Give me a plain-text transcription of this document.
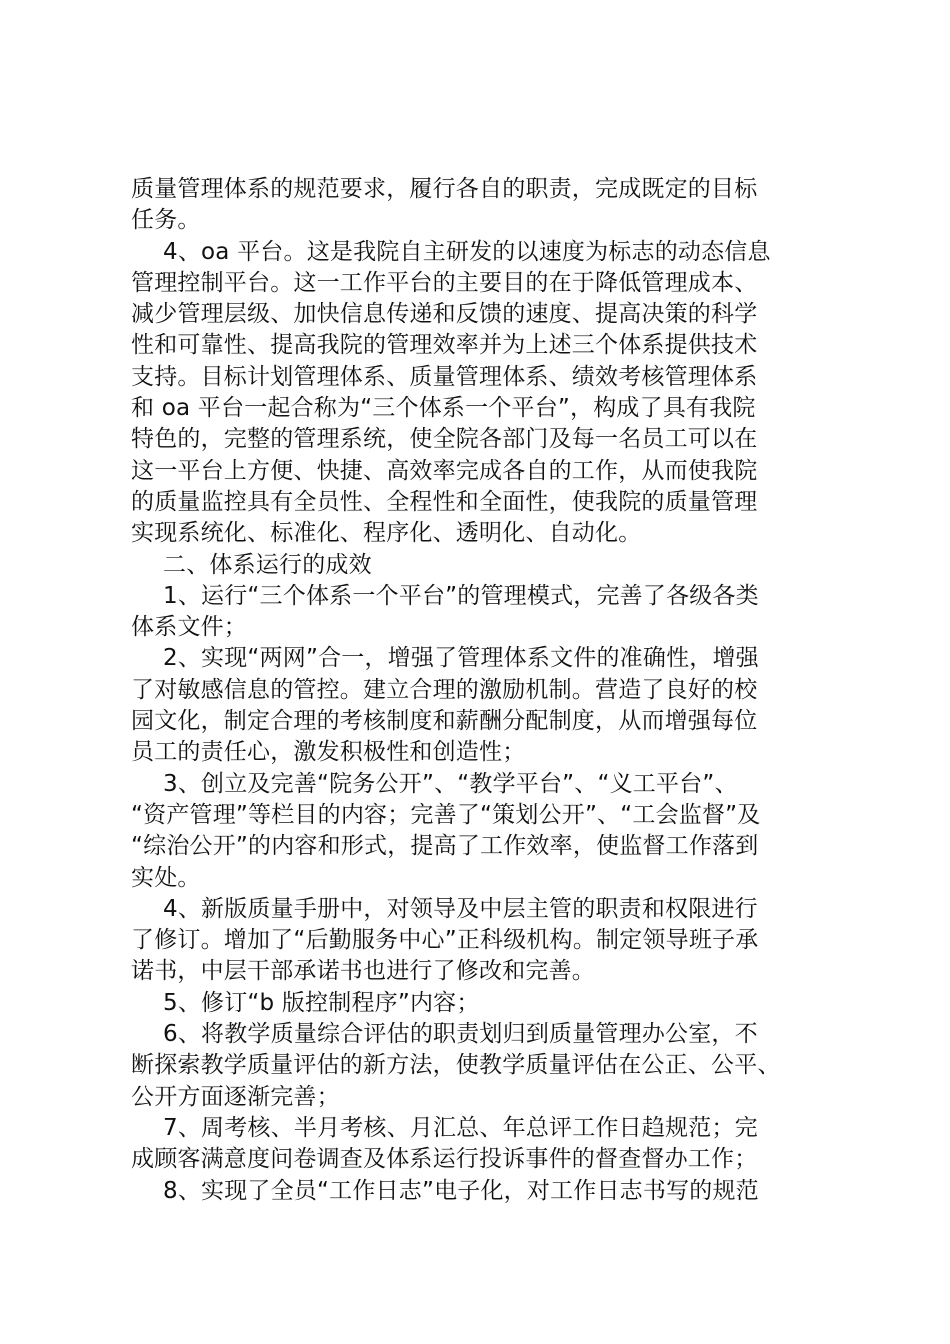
质量管理体系的规范要求，履行各自的职责，完成既定的目标
任务。
4、oa 平台。这是我院自主研发的以速度为标志的动态信息
管理控制平台。这一工作平台的主要目的在于降低管理成本、
减少管理层级、加快信息传递和反馈的速度、提高决策的科学
性和可靠性、提高我院的管理效率并为上述三个体系提供技术
支持。目标计划管理体系、质量管理体系、绩效考核管理体系
和 oa 平台一起合称为“三个体系一个平台”，构成了具有我院
特色的，完整的管理系统，使全院各部门及每一名员工可以在
这一平台上方便、快捷、高效率完成各自的工作，从而使我院
的质量监控具有全员性、全程性和全面性，使我院的质量管理
实现系统化、标准化、程序化、透明化、自动化。
二、体系运行的成效
1、运行“三个体系一个平台”的管理模式，完善了各级各类
体系文件；
2、实现“两网”合一，增强了管理体系文件的准确性，增强
了对敏感信息的管控。建立合理的激励机制。营造了良好的校
园文化，制定合理的考核制度和薪酬分配制度，从而增强每位
员工的责任心，激发积极性和创造性；
3、创立及完善“院务公开”、“教学平台”、“义工平台”、
“资产管理”等栏目的内容；完善了“策划公开”、“工会监督”及
“综治公开”的内容和形式，提高了工作效率，使监督工作落到
实处。
4、新版质量手册中，对领导及中层主管的职责和权限进行
了修订。增加了“后勤服务中心”正科级机构。制定领导班子承
诺书，中层干部承诺书也进行了修改和完善。
5、修订“b 版控制程序”内容；
6、将教学质量综合评估的职责划归到质量管理办公室，不
断探索教学质量评估的新方法，使教学质量评估在公正、公平、
公开方面逐渐完善；
7、周考核、半月考核、月汇总、年总评工作日趋规范；完
成顾客满意度问卷调查及体系运行投诉事件的督查督办工作；
8、实现了全员“工作日志”电子化，对工作日志书写的规范
